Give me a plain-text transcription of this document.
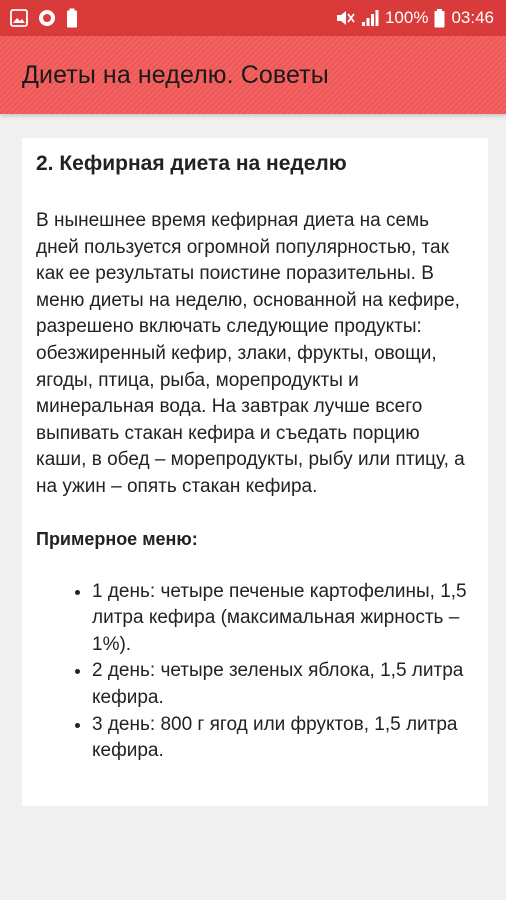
100% 03:46
Диеты на неделю. Советы
2. Кефирная диета на неделю

В нынешнее время кефирная диета на семь дней пользуется огромной популярностью, так как ее результаты поистине поразительны. В меню диеты на неделю, основанной на кефире, разрешено включать следующие продукты: обезжиренный кефир, злаки, фрукты, овощи, ягоды, птица, рыба, морепродукты и минеральная вода. На завтрак лучше всего выпивать стакан кефира и съедать порцию каши, в обед – морепродукты, рыбу или птицу, а на ужин – опять стакан кефира.

Примерное меню:
• 1 день: четыре печеные картофелины, 1,5 литра кефира (максимальная жирность – 1%).
• 2 день: четыре зеленых яблока, 1,5 литра кефира.
• 3 день: 800 г ягод или фруктов, 1,5 литра кефира.
